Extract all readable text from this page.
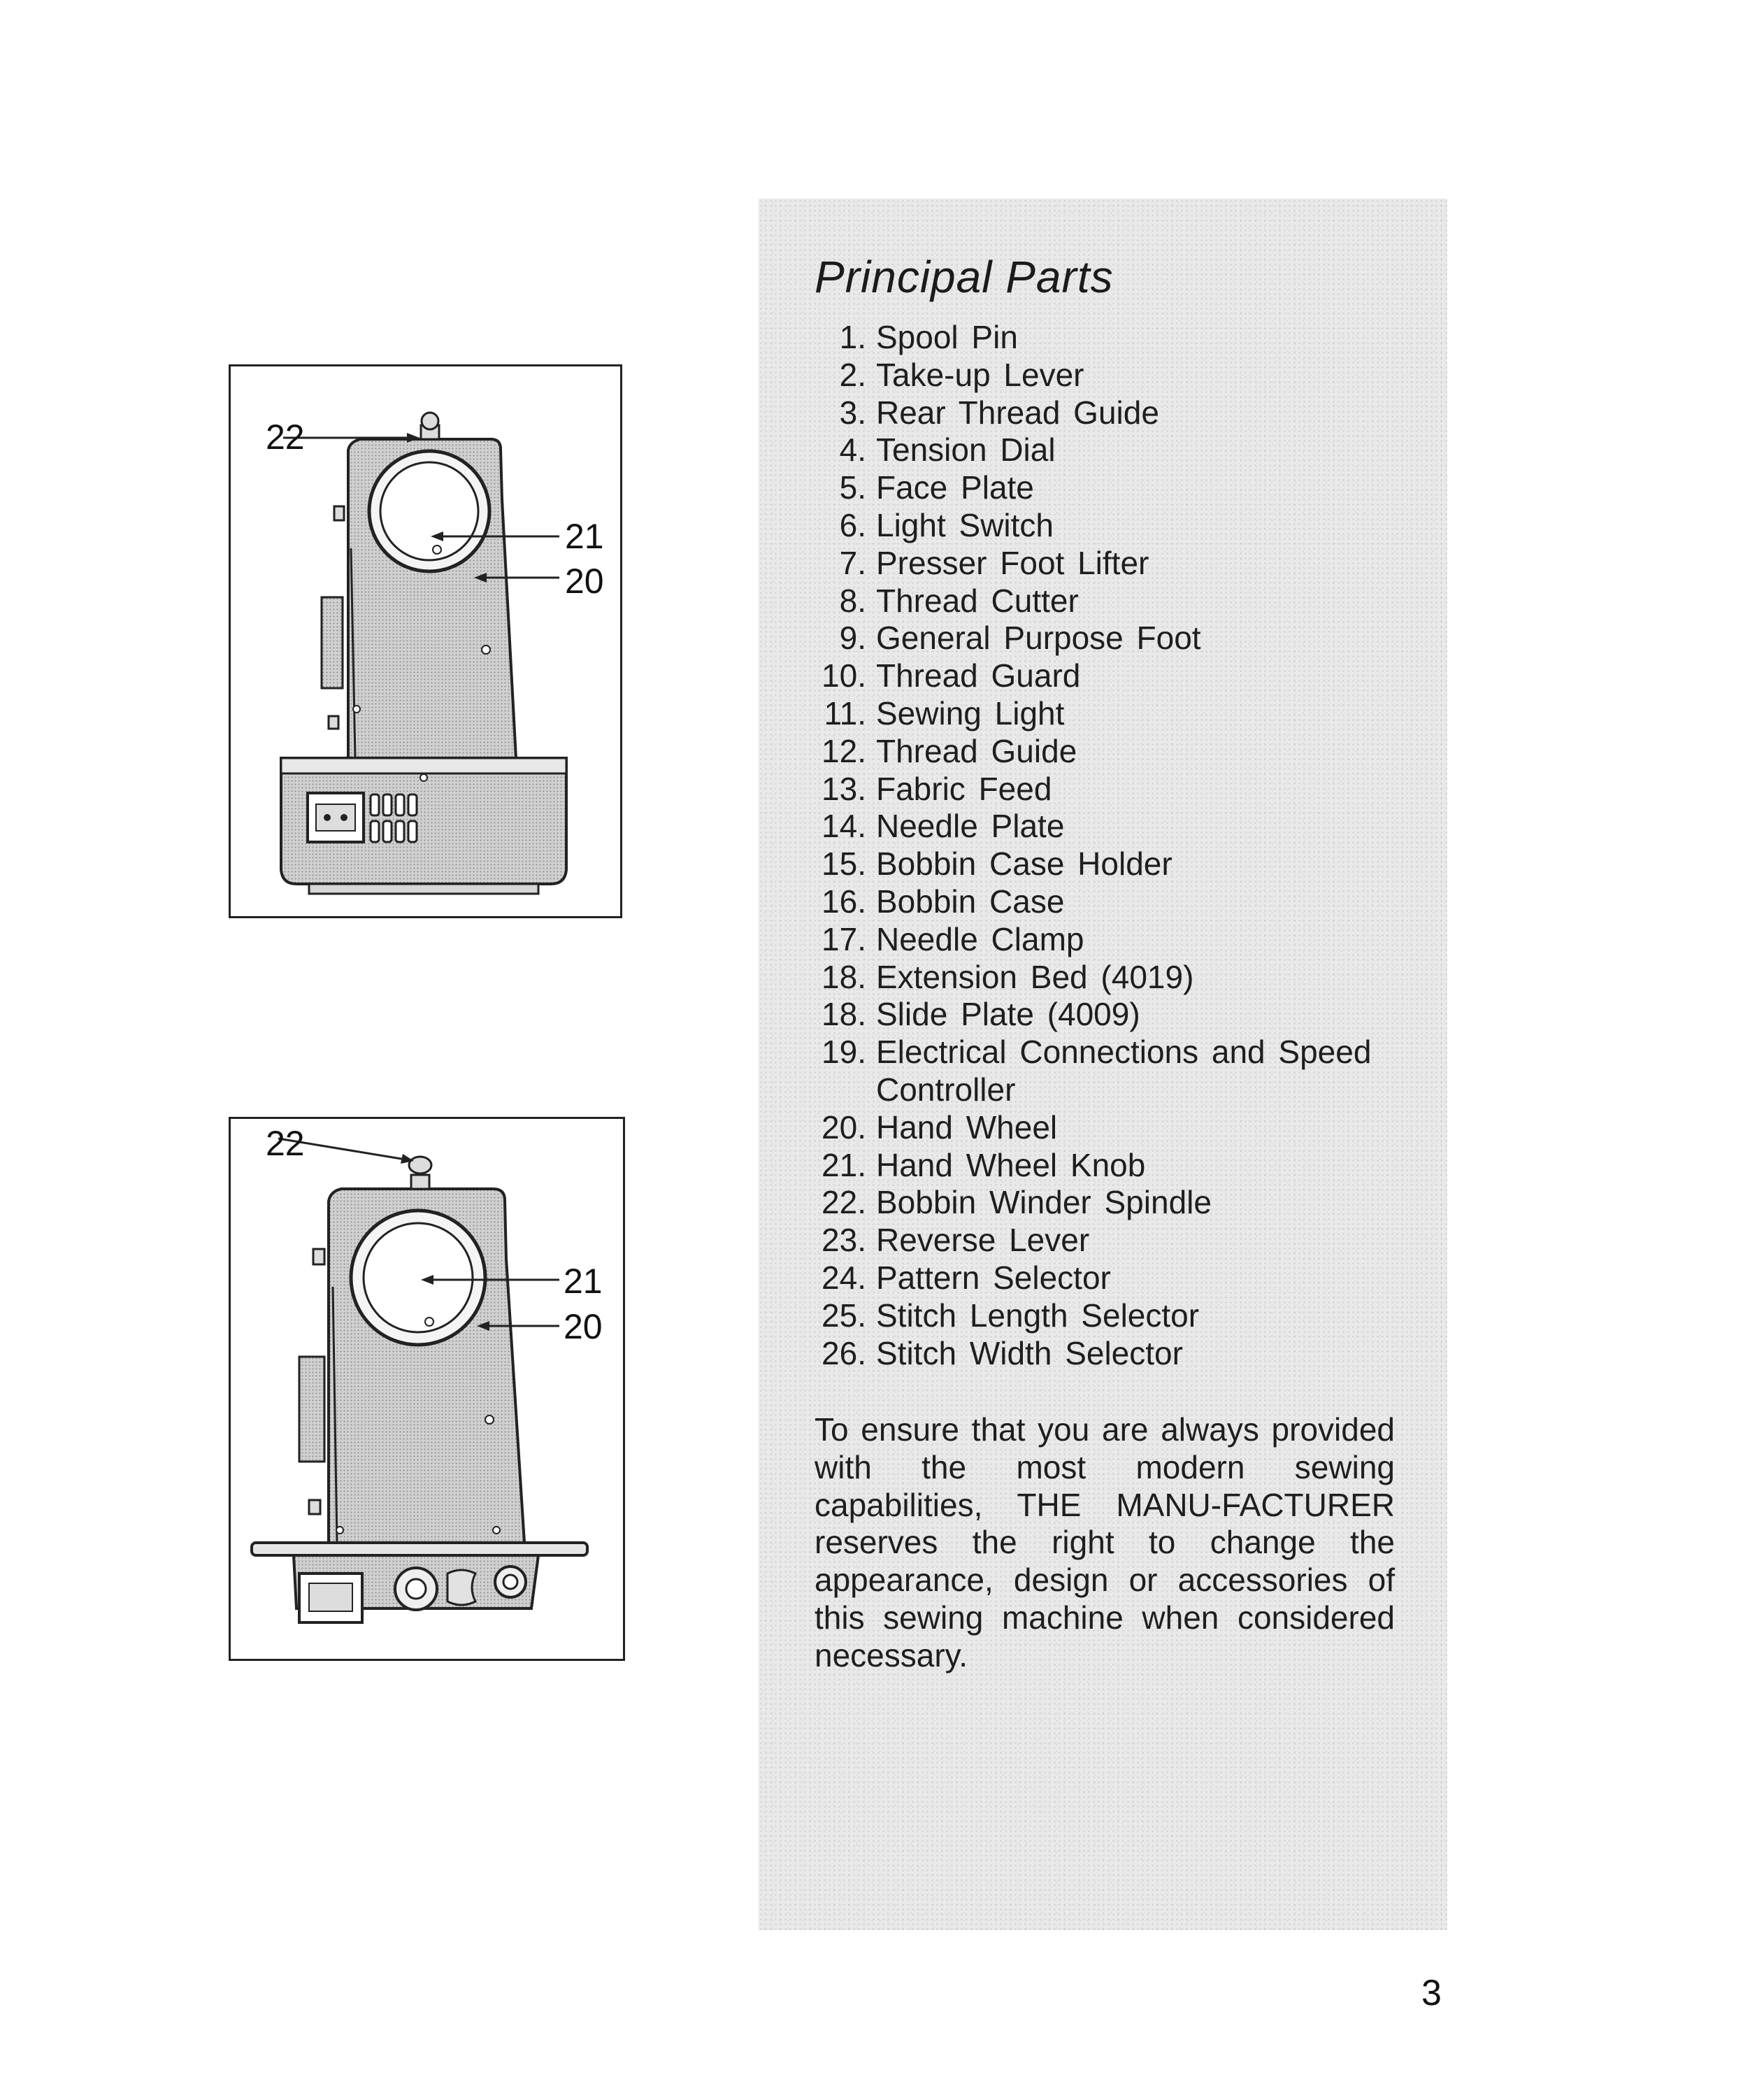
22
21
20
22
21
20
Principal Parts
1. Spool Pin
2. Take-up Lever
3. Rear Thread Guide
4. Tension Dial
5. Face Plate
6. Light Switch
7. Presser Foot Lifter
8. Thread Cutter
9. General Purpose Foot
10. Thread Guard
11. Sewing Light
12. Thread Guide
13. Fabric Feed
14. Needle Plate
15. Bobbin Case Holder
16. Bobbin Case
17. Needle Clamp
18. Extension Bed (4019)
18. Slide Plate (4009)
19. Electrical Connections and Speed Controller
20. Hand Wheel
21. Hand Wheel Knob
22. Bobbin Winder Spindle
23. Reverse Lever
24. Pattern Selector
25. Stitch Length Selector
26. Stitch Width Selector

To ensure that you are always provided with the most modern sewing capabilities, THE MANU-FACTURER reserves the right to change the appearance, design or accessories of this sewing machine when considered necessary.

3
